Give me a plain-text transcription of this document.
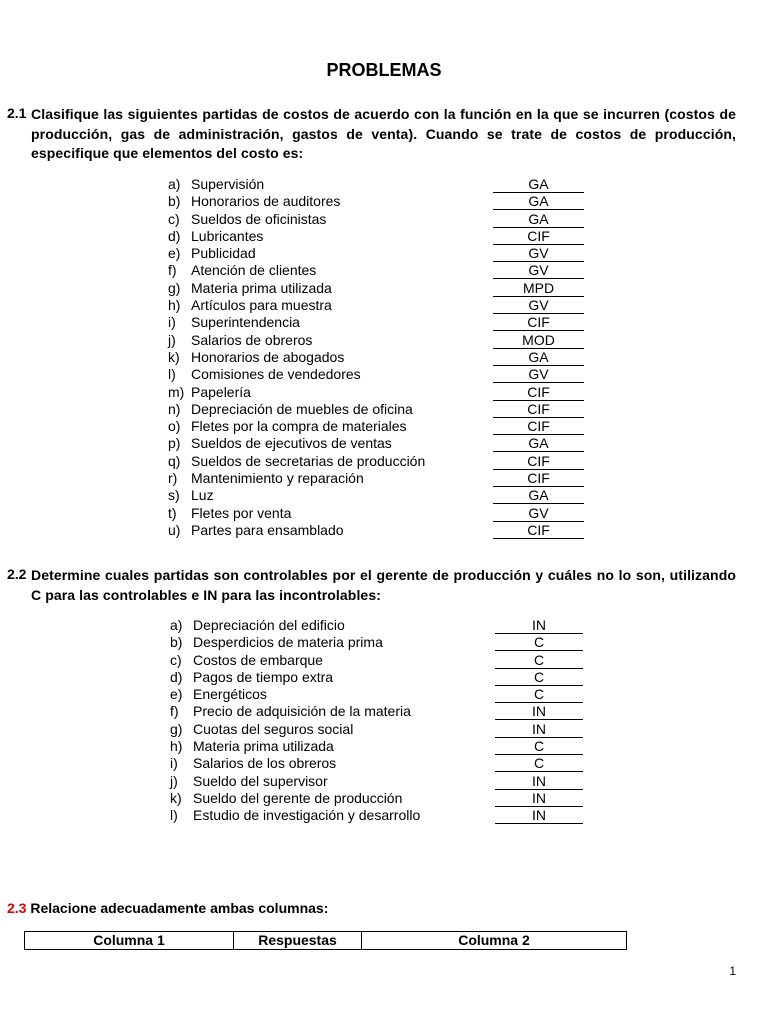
PROBLEMAS
2.1 Clasifique las siguientes partidas de costos de acuerdo con la función en la que se incurren (costos de producción, gas de administración, gastos de venta). Cuando se trate de costos de producción, especifique que elementos del costo es:
a) Supervisión	GA
b) Honorarios de auditores	GA
c) Sueldos de oficinistas	GA
d) Lubricantes	CIF
e) Publicidad	GV
f) Atención de clientes	GV
g) Materia prima utilizada	MPD
h) Artículos para muestra	GV
i) Superintendencia	CIF
j) Salarios de obreros	MOD
k) Honorarios de abogados	GA
l) Comisiones de vendedores	GV
m) Papelería	CIF
n) Depreciación de muebles de oficina	CIF
o) Fletes por la compra de materiales	CIF
p) Sueldos de ejecutivos de ventas	GA
q) Sueldos de secretarias de producción	CIF
r) Mantenimiento y reparación	CIF
s) Luz	GA
t) Fletes por venta	GV
u) Partes para ensamblado	CIF
2.2 Determine cuales partidas son controlables por el gerente de producción y cuáles no lo son, utilizando C para las controlables e IN para las incontrolables:
a) Depreciación del edificio	IN
b) Desperdicios de materia prima	C
c) Costos de embarque	C
d) Pagos de tiempo extra	C
e) Energéticos	C
f) Precio de adquisición de la materia	IN
g) Cuotas del seguros social	IN
h) Materia prima utilizada	C
i) Salarios de los obreros	C
j) Sueldo del supervisor	IN
k) Sueldo del gerente de producción	IN
l) Estudio de investigación y desarrollo	IN
2.3 Relacione adecuadamente ambas columnas:
Columna 1	Respuestas	Columna 2
1
